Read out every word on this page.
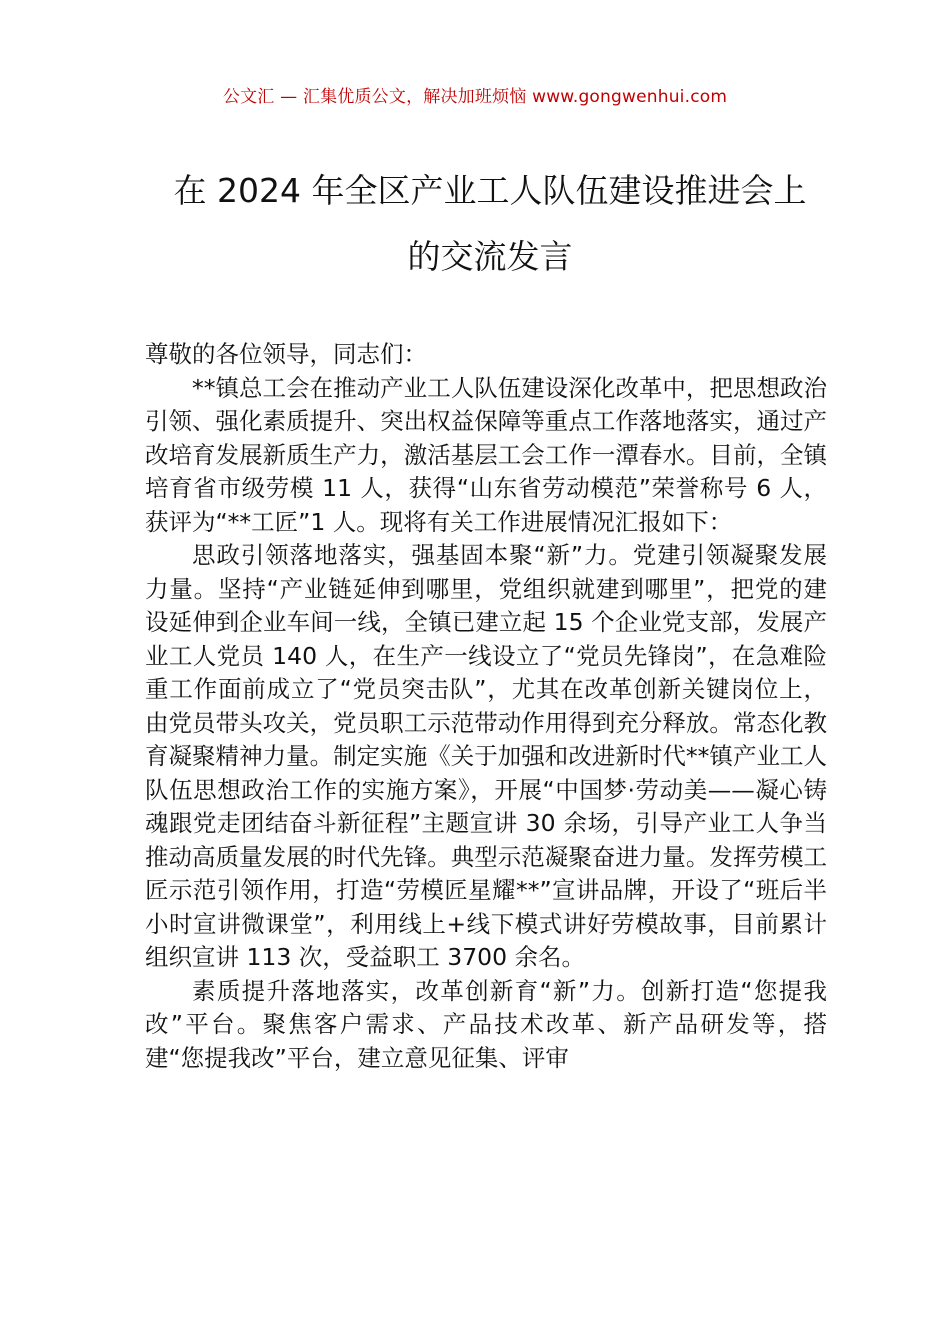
公文汇 — 汇集优质公文，解决加班烦恼 www.gongwenhui.com
在 2024 年全区产业工人队伍建设推进会上
的交流发言

尊敬的各位领导，同志们：

**镇总工会在推动产业工人队伍建设深化改革中，把思想政治引领、强化素质提升、突出权益保障等重点工作落地落实，通过产改培育发展新质生产力，激活基层工会工作一潭春水。目前，全镇培育省市级劳模 11 人，获得“山东省劳动模范”荣誉称号 6 人，获评为“**工匠”1 人。现将有关工作进展情况汇报如下：

思政引领落地落实，强基固本聚“新”力。党建引领凝聚发展力量。坚持“产业链延伸到哪里，党组织就建到哪里”，把党的建设延伸到企业车间一线，全镇已建立起 15 个企业党支部，发展产业工人党员 140 人，在生产一线设立了“党员先锋岗”，在急难险重工作面前成立了“党员突击队”，尤其在改革创新关键岗位上，由党员带头攻关，党员职工示范带动作用得到充分释放。常态化教育凝聚精神力量。制定实施《关于加强和改进新时代**镇产业工人队伍思想政治工作的实施方案》，开展“中国梦·劳动美——凝心铸魂跟党走团结奋斗新征程”主题宣讲 30 余场，引导产业工人争当推动高质量发展的时代先锋。典型示范凝聚奋进力量。发挥劳模工匠示范引领作用，打造“劳模匠星耀**”宣讲品牌，开设了“班后半小时宣讲微课堂”，利用线上+线下模式讲好劳模故事，目前累计组织宣讲 113 次，受益职工 3700 余名。

素质提升落地落实，改革创新育“新”力。创新打造“您提我改”平台。聚焦客户需求、产品技术改革、新产品研发等，搭建“您提我改”平台，建立意见征集、评审
